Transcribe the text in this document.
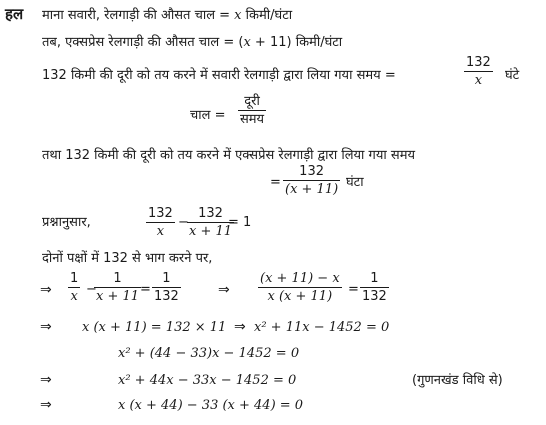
हल माना सवारी, रेलगाड़ी की औसत चाल = x किमी/घंटा
तब, एक्सप्रेस रेलगाड़ी की औसत चाल = (x + 11) किमी/घंटा
132 किमी की दूरी को तय करने में सवारी रेलगाड़ी द्वारा लिया गया समय =
132
x	घंटे
चाल =
दूरी
समय
तथा 132 किमी की दूरी को तय करने में एक्सप्रेस रेलगाड़ी द्वारा लिया गया समय
=
132
(x + 11) घंटा
प्रश्नानुसार,
132
x
−
132
x + 11
= 1
दोनों पक्षों में 132 से भाग करने पर,
⇒
1
x −
1
x + 11 =
1
132	⇒
(x + 11) − x
x (x + 11)	=
1
132
⇒ x (x + 11) = 132 × 11 ⇒ x² + 11x − 1452 = 0
x² + (44 − 33)x − 1452 = 0
⇒	x² + 44x − 33x − 1452 = 0	(गुणनखंड विधि से)
⇒	x (x + 44) − 33 (x + 44) = 0
